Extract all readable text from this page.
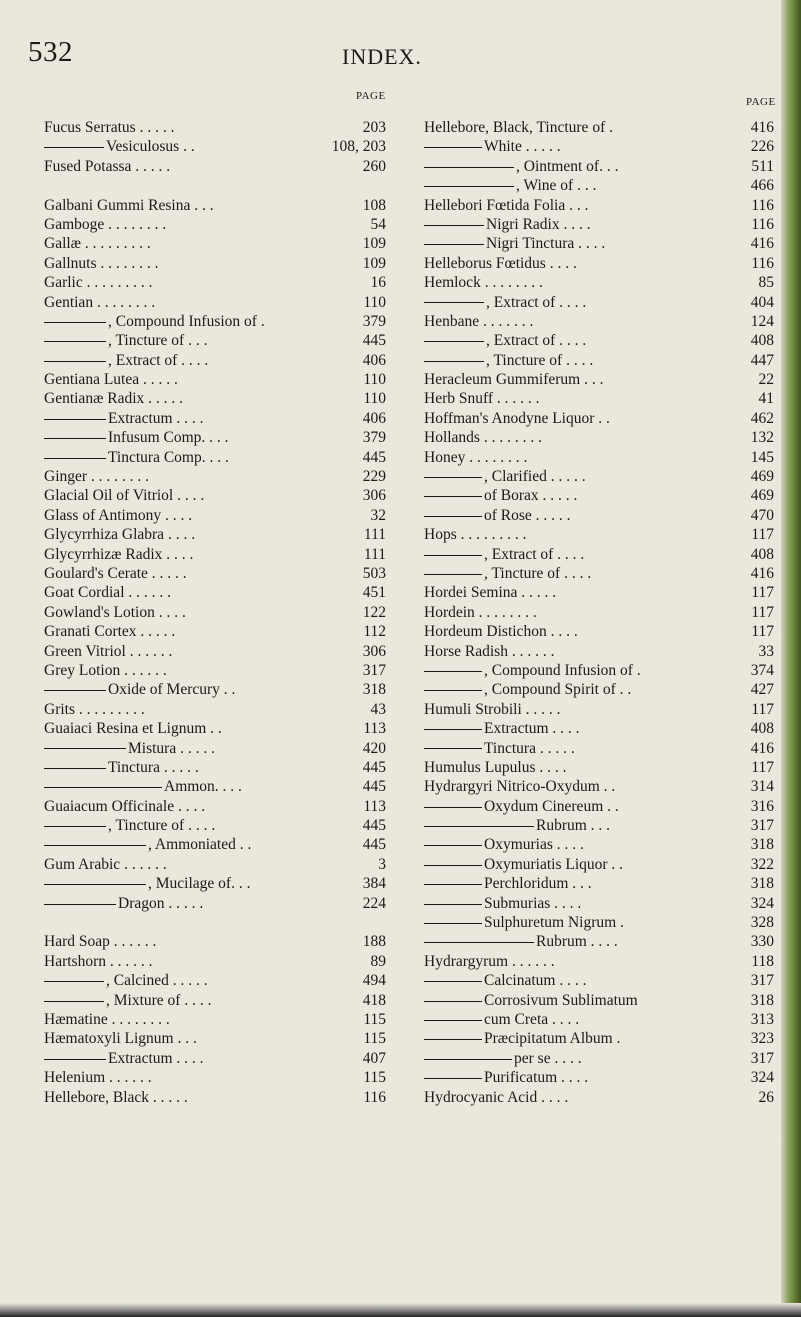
532	INDEX.
PAGE	PAGE
Fucus Serratus . . . . .	203
Vesiculosus . .	108, 203
Fused Potassa . . . . .	260
Galbani Gummi Resina . . .	108
Gamboge . . . . . . . .	54
Gallæ . . . . . . . . .	109
Gallnuts . . . . . . . .	109
Garlic . . . . . . . . .	16
Gentian . . . . . . . .	110
, Compound Infusion of .	379
, Tincture of . . .	445
, Extract of . . . .	406
Gentiana Lutea . . . . .	110
Gentianæ Radix . . . . .	110
Extractum . . . .	406
Infusum Comp. . . .	379
Tinctura Comp. . . .	445
Ginger . . . . . . . .	229
Glacial Oil of Vitriol . . . .	306
Glass of Antimony . . . .	32
Glycyrrhiza Glabra . . . .	111
Glycyrrhizæ Radix . . . .	111
Goulard's Cerate . . . . .	503
Goat Cordial . . . . . .	451
Gowland's Lotion . . . .	122
Granati Cortex . . . . .	112
Green Vitriol . . . . . .	306
Grey Lotion . . . . . .	317
Oxide of Mercury . .	318
Grits . . . . . . . . .	43
Guaiaci Resina et Lignum . .	113
Mistura . . . . .	420
Tinctura . . . . .	445
Ammon. . . .	445
Guaiacum Officinale . . . .	113
, Tincture of . . . .	445
, Ammoniated . .	445
Gum Arabic . . . . . .	3
, Mucilage of. . .	384
Dragon . . . . .	224
Hard Soap . . . . . .	188
Hartshorn . . . . . .	89
, Calcined . . . . .	494
, Mixture of . . . .	418
Hæmatine . . . . . . . .	115
Hæmatoxyli Lignum . . .	115
Extractum . . . .	407
Helenium . . . . . .	115
Hellebore, Black . . . . .	116
Hellebore, Black, Tincture of .	416
White . . . . .	226
, Ointment of. . .	511
, Wine of . . .	466
Hellebori Fœtida Folia . . .	116
Nigri Radix . . . .	116
Nigri Tinctura . . . .	416
Helleborus Fœtidus . . . .	116
Hemlock . . . . . . . .	85
, Extract of . . . .	404
Henbane . . . . . . .	124
, Extract of . . . .	408
, Tincture of . . . .	447
Heracleum Gummiferum . . .	22
Herb Snuff . . . . . .	41
Hoffman's Anodyne Liquor . .	462
Hollands . . . . . . . .	132
Honey . . . . . . . .	145
, Clarified . . . . .	469
of Borax . . . . .	469
of Rose . . . . .	470
Hops . . . . . . . . .	117
, Extract of . . . .	408
, Tincture of . . . .	416
Hordei Semina . . . . .	117
Hordein . . . . . . . .	117
Hordeum Distichon . . . .	117
Horse Radish . . . . . .	33
, Compound Infusion of .	374
, Compound Spirit of . .	427
Humuli Strobili . . . . .	117
Extractum . . . .	408
Tinctura . . . . .	416
Humulus Lupulus . . . .	117
Hydrargyri Nitrico-Oxydum . .	314
Oxydum Cinereum . .	316
Rubrum . . .	317
Oxymurias . . . .	318
Oxymuriatis Liquor . .	322
Perchloridum . . .	318
Submurias . . . .	324
Sulphuretum Nigrum .	328
Rubrum . . . .	330
Hydrargyrum . . . . . .	118
Calcinatum . . . .	317
Corrosivum Sublimatum	318
cum Creta . . . .	313
Præcipitatum Album .	323
per se . . . .	317
Purificatum . . . .	324
Hydrocyanic Acid . . . .	26
